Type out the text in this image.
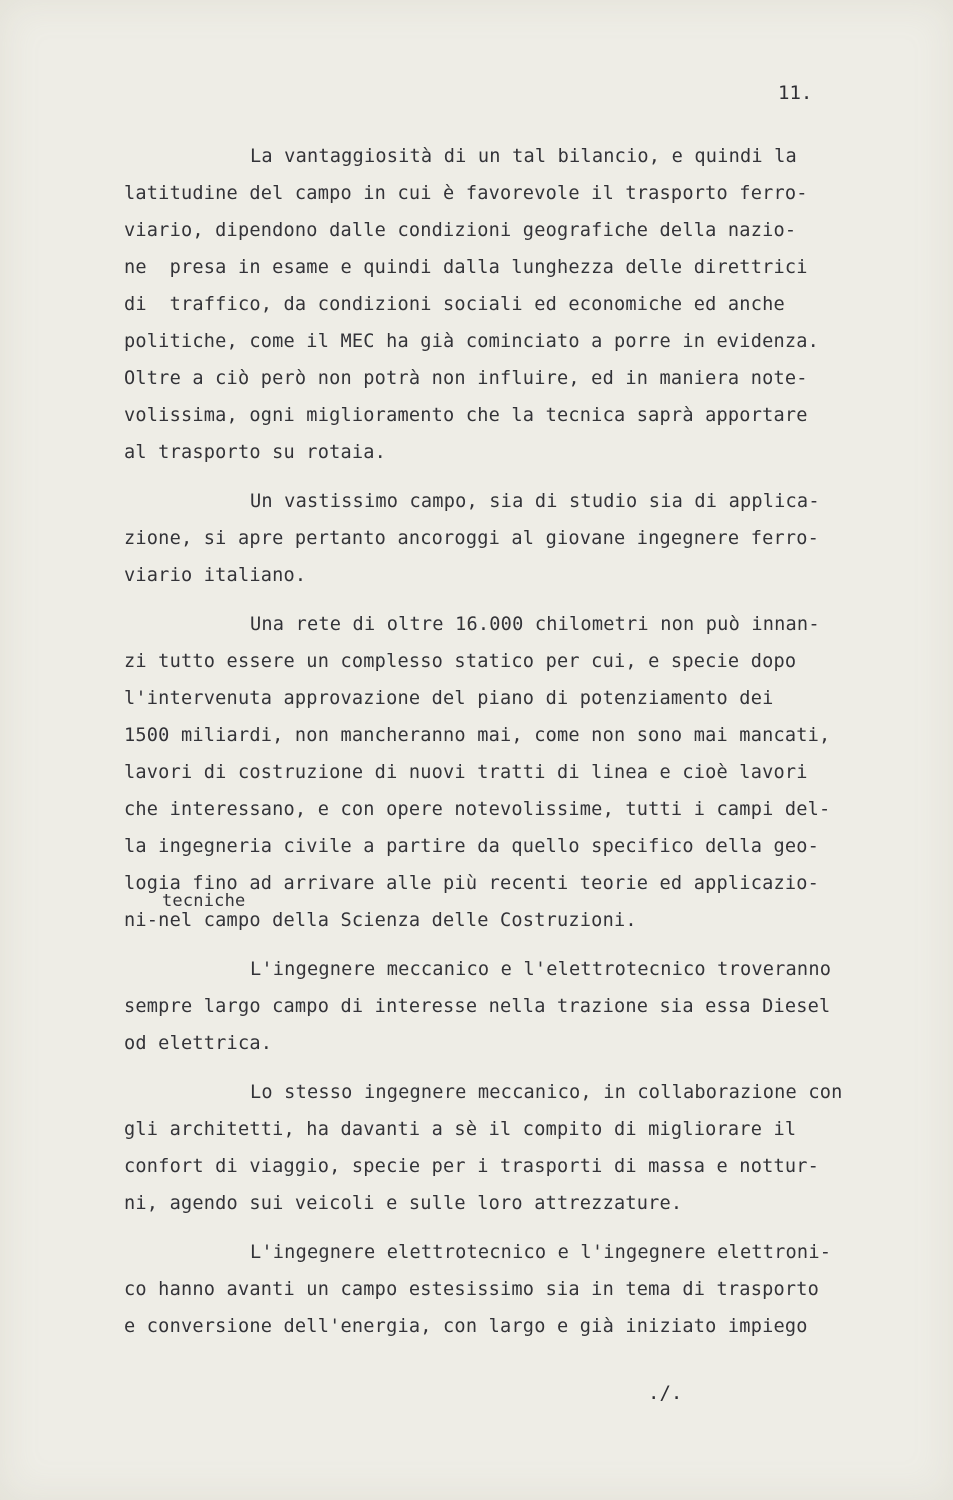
11.

La vantaggiosità di un tal bilancio, e quindi la
latitudine del campo in cui è favorevole il trasporto ferro-
viario, dipendono dalle condizioni geografiche della nazio-
ne  presa in esame e quindi dalla lunghezza delle direttrici
di  traffico, da condizioni sociali ed economiche ed anche
politiche, come il MEC ha già cominciato a porre in evidenza.
Oltre a ciò però non potrà non influire, ed in maniera note-
volissima, ogni miglioramento che la tecnica saprà apportare
al trasporto su rotaia.

Un vastissimo campo, sia di studio sia di applica-
zione, si apre pertanto ancoroggi al giovane ingegnere ferro-
viario italiano.

Una rete di oltre 16.000 chilometri non può innan-
zi tutto essere un complesso statico per cui, e specie dopo
l'intervenuta approvazione del piano di potenziamento dei
1500 miliardi, non mancheranno mai, come non sono mai mancati,
lavori di costruzione di nuovi tratti di linea e cioè lavori
che interessano, e con opere notevolissime, tutti i campi del-
la ingegneria civile a partire da quello specifico della geo-
logia fino ad arrivare alle più recenti teorie ed applicazio-
tecniche
ni-nel campo della Scienza delle Costruzioni.

L'ingegnere meccanico e l'elettrotecnico troveranno
sempre largo campo di interesse nella trazione sia essa Diesel
od elettrica.

Lo stesso ingegnere meccanico, in collaborazione con
gli architetti, ha davanti a sè il compito di migliorare il
confort di viaggio, specie per i trasporti di massa e nottur-
ni, agendo sui veicoli e sulle loro attrezzature.

L'ingegnere elettrotecnico e l'ingegnere elettroni-
co hanno avanti un campo estesissimo sia in tema di trasporto
e conversione dell'energia, con largo e già iniziato impiego

./.
